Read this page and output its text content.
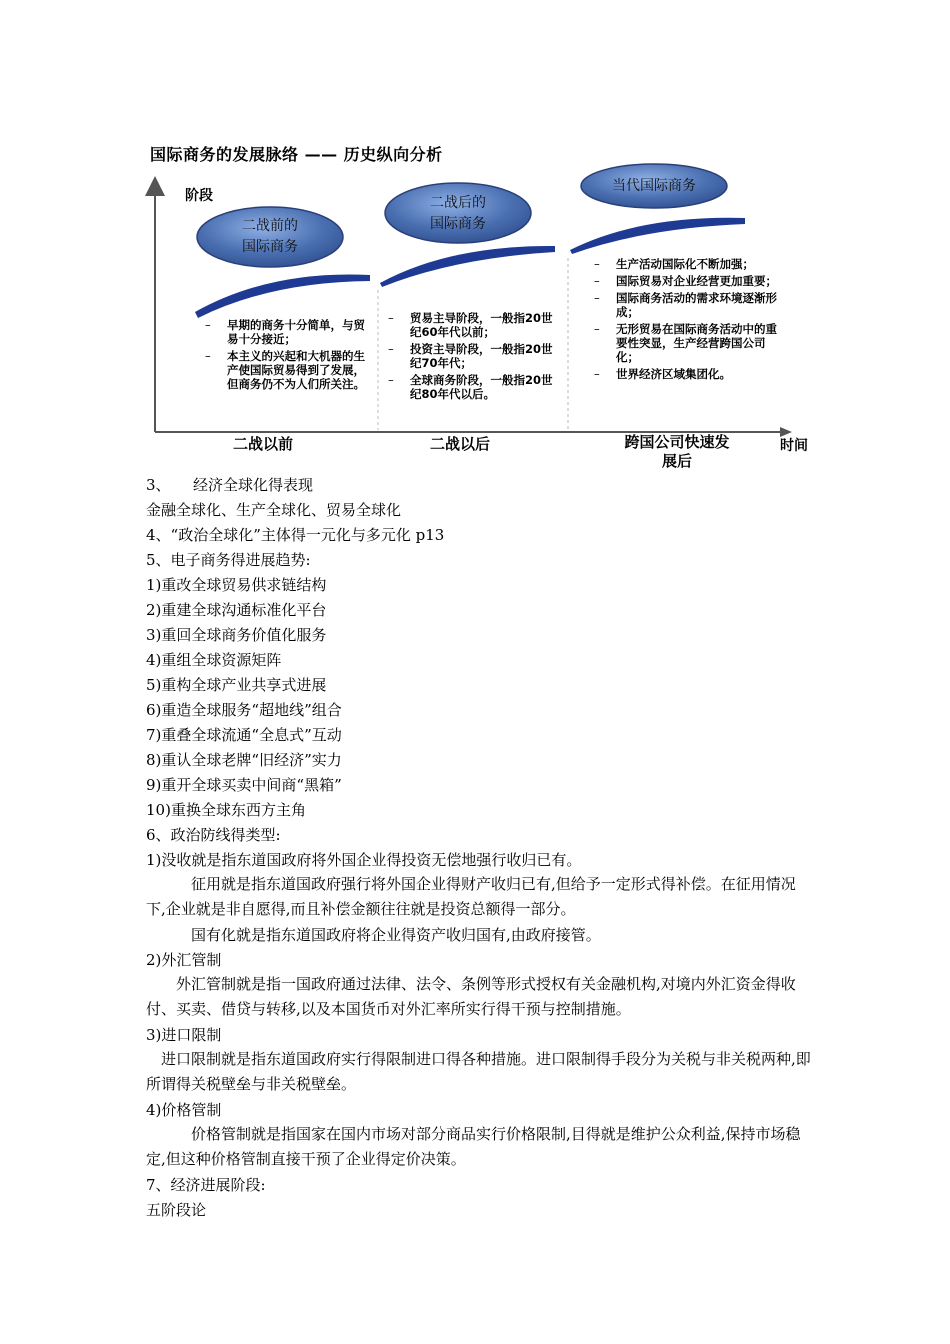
国际商务的发展脉络 —— 历史纵向分析
阶段
时间
二战前的
国际商务
二战后的
国际商务
当代国际商务
– 早期的商务十分简单，与贸易十分接近；
– 本主义的兴起和大机器的生产使国际贸易得到了发展，但商务仍不为人们所关注。
– 贸易主导阶段，一般指20世纪60年代以前；
– 投资主导阶段，一般指20世纪70年代；
– 全球商务阶段，一般指20世纪80年代以后。
– 生产活动国际化不断加强；
– 国际贸易对企业经营更加重要；
– 国际商务活动的需求环境逐渐形成；
– 无形贸易在国际商务活动中的重要性突显，生产经营跨国公司化；
– 世界经济区域集团化。
二战以前	二战以后	跨国公司快速发展后
3、　　经济全球化得表现
金融全球化、生产全球化、贸易全球化
4、“政治全球化”主体得一元化与多元化 p13
5、电子商务得进展趋势:
1)重改全球贸易供求链结构
2)重建全球沟通标准化平台
3)重回全球商务价值化服务
4)重组全球资源矩阵
5)重构全球产业共享式进展
6)重造全球服务“超地线”组合
7)重叠全球流通“全息式”互动
8)重认全球老牌“旧经济”实力
9)重开全球买卖中间商“黑箱”
10)重换全球东西方主角
6、政治防线得类型:
1)没收就是指东道国政府将外国企业得投资无偿地强行收归已有。
　　　征用就是指东道国政府强行将外国企业得财产收归已有,但给予一定形式得补偿。在征用情况下,企业就是非自愿得,而且补偿金额往往就是投资总额得一部分。
　　　国有化就是指东道国政府将企业得资产收归国有,由政府接管。
2)外汇管制
　　外汇管制就是指一国政府通过法律、法令、条例等形式授权有关金融机构,对境内外汇资金得收付、买卖、借贷与转移,以及本国货币对外汇率所实行得干预与控制措施。
3)进口限制
　进口限制就是指东道国政府实行得限制进口得各种措施。进口限制得手段分为关税与非关税两种,即所谓得关税壁垒与非关税壁垒。
4)价格管制
　　　价格管制就是指国家在国内市场对部分商品实行价格限制,目得就是维护公众利益,保持市场稳定,但这种价格管制直接干预了企业得定价决策。
7、经济进展阶段:
五阶段论
